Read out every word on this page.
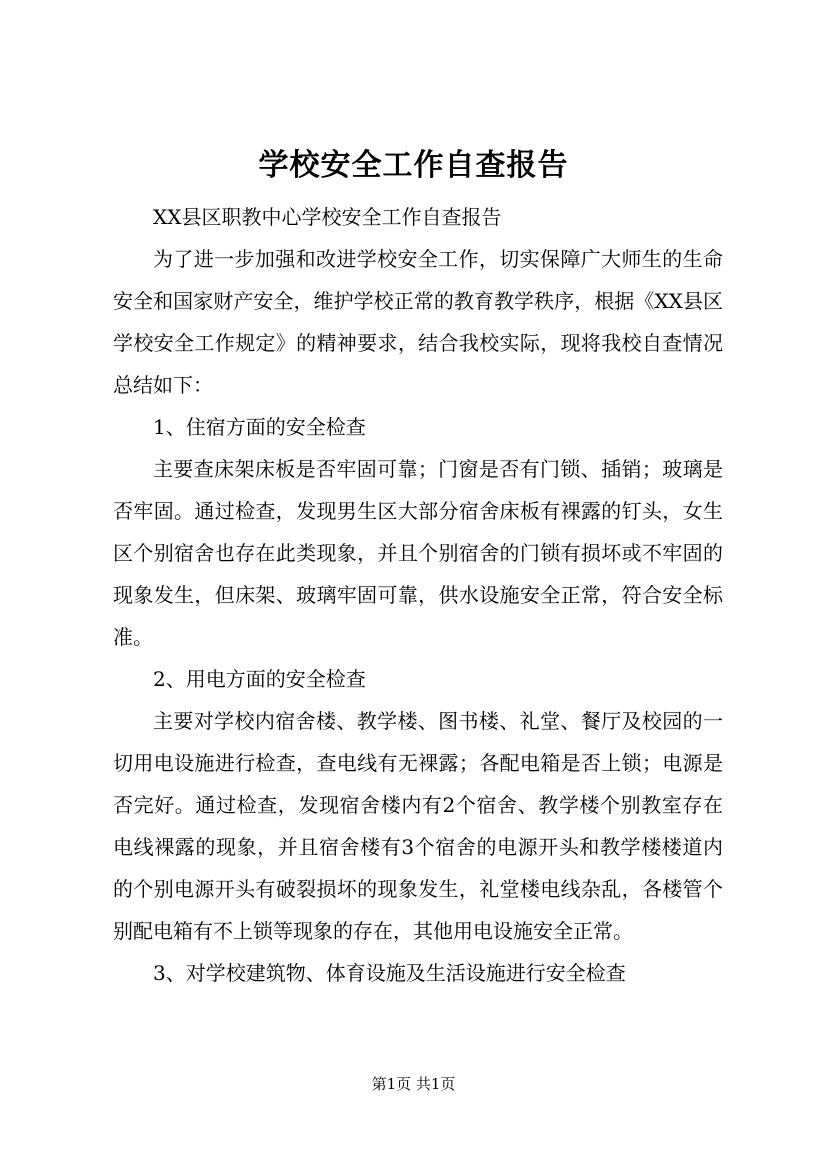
学校安全工作自查报告

XX县区职教中心学校安全工作自查报告

为了进一步加强和改进学校安全工作，切实保障广大师生的生命安全和国家财产安全，维护学校正常的教育教学秩序，根据《XX县区学校安全工作规定》的精神要求，结合我校实际，现将我校自查情况总结如下：

1、住宿方面的安全检查

主要查床架床板是否牢固可靠；门窗是否有门锁、插销；玻璃是否牢固。通过检查，发现男生区大部分宿舍床板有裸露的钉头，女生区个别宿舍也存在此类现象，并且个别宿舍的门锁有损坏或不牢固的现象发生，但床架、玻璃牢固可靠，供水设施安全正常，符合安全标准。

2、用电方面的安全检查

主要对学校内宿舍楼、教学楼、图书楼、礼堂、餐厅及校园的一切用电设施进行检查，查电线有无裸露；各配电箱是否上锁；电源是否完好。通过检查，发现宿舍楼内有2个宿舍、教学楼个别教室存在电线裸露的现象，并且宿舍楼有3个宿舍的电源开头和教学楼楼道内的个别电源开头有破裂损坏的现象发生，礼堂楼电线杂乱，各楼管个别配电箱有不上锁等现象的存在，其他用电设施安全正常。

3、对学校建筑物、体育设施及生活设施进行安全检查

第1页 共1页
